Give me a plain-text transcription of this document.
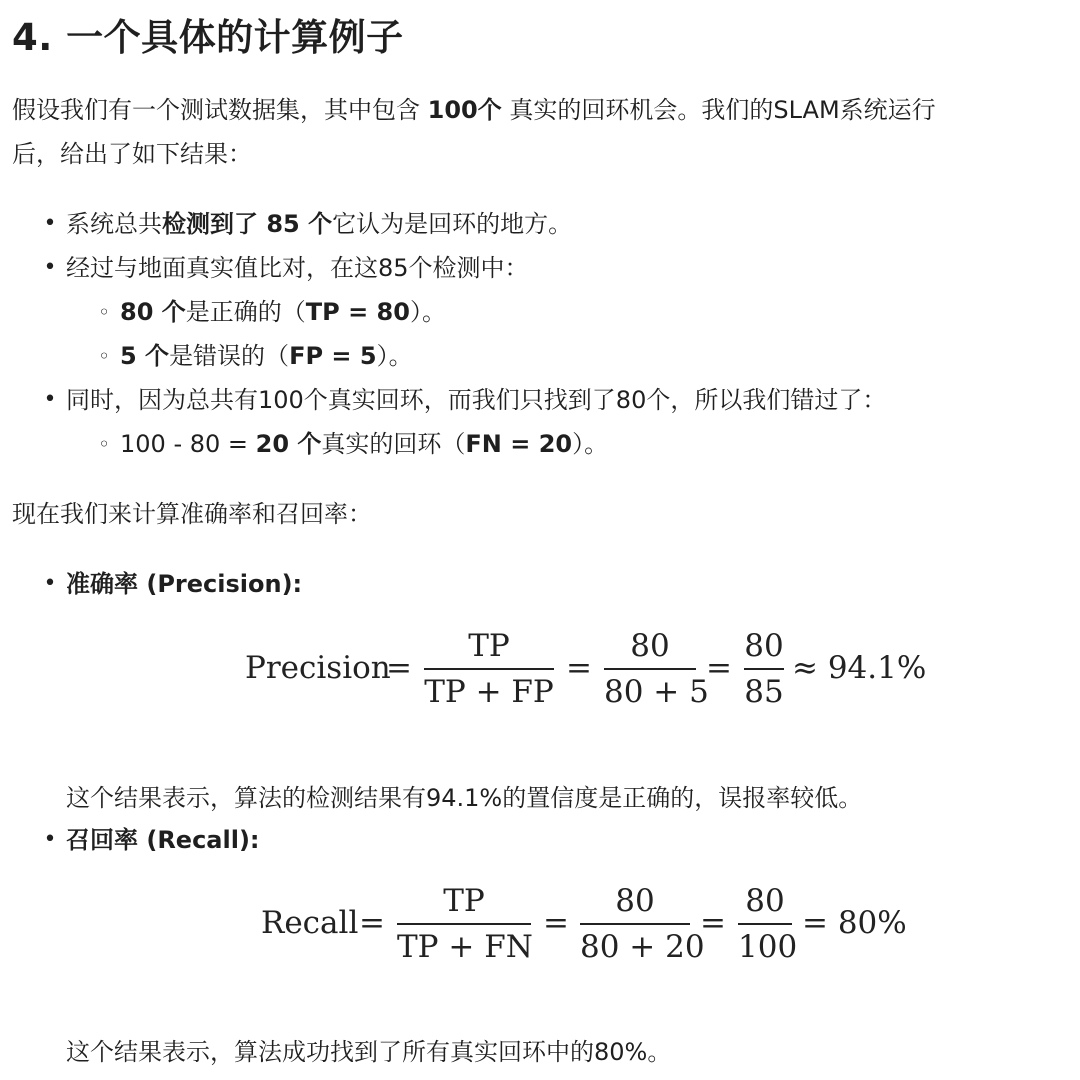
4. 一个具体的计算例子

假设我们有一个测试数据集，其中包含 100个 真实的回环机会。我们的SLAM系统运行

后，给出了如下结果：

• 系统总共检测到了 85 个它认为是回环的地方。
• 经过与地面真实值比对，在这85个检测中：
◦ 80 个是正确的（TP = 80）。
◦ 5 个是错误的（FP = 5）。
• 同时，因为总共有100个真实回环，而我们只找到了80个，所以我们错过了：
◦ 100 - 80 = 20 个真实的回环（FN = 20）。

现在我们来计算准确率和召回率：

• 准确率 (Precision):
Precision
=
TP
TP + FP
=
80
80 + 5
=
80
85
≈ 94.1%

这个结果表示，算法的检测结果有94.1%的置信度是正确的，误报率较低。

• 召回率 (Recall):
Recall =
TP
TP + FN
=
80
80 + 20
=
80
100
= 80%

这个结果表示，算法成功找到了所有真实回环中的80%。
